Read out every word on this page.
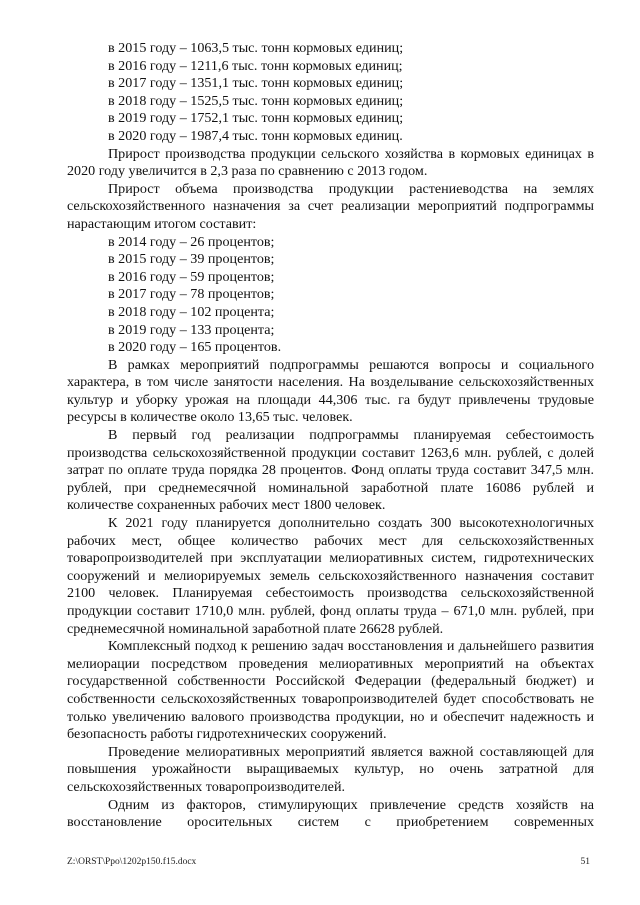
в 2015 году – 1063,5 тыс. тонн кормовых единиц;
в 2016 году – 1211,6 тыс. тонн кормовых единиц;
в 2017 году – 1351,1 тыс. тонн кормовых единиц;
в 2018 году – 1525,5 тыс. тонн кормовых единиц;
в 2019 году – 1752,1 тыс. тонн кормовых единиц;
в 2020 году – 1987,4 тыс. тонн кормовых единиц.
Прирост производства продукции сельского хозяйства в кормовых единицах в 2020 году увеличится в 2,3 раза по сравнению с 2013 годом.
Прирост объема производства продукции растениеводства на землях сельскохозяйственного назначения за счет реализации мероприятий подпрограммы нарастающим итогом составит:
в 2014 году – 26 процентов;
в 2015 году – 39 процентов;
в 2016 году – 59 процентов;
в 2017 году – 78 процентов;
в 2018 году – 102 процента;
в 2019 году – 133 процента;
в 2020 году – 165 процентов.
В рамках мероприятий подпрограммы решаются вопросы и социального характера, в том числе занятости населения. На возделывание сельскохозяйственных культур и уборку урожая на площади 44,306 тыс. га будут привлечены трудовые ресурсы в количестве около 13,65 тыс. человек.
В первый год реализации подпрограммы планируемая себестоимость производства сельскохозяйственной продукции составит 1263,6 млн. рублей, с долей затрат по оплате труда порядка 28 процентов. Фонд оплаты труда составит 347,5 млн. рублей, при среднемесячной номинальной заработной плате 16086 рублей и количестве сохраненных рабочих мест 1800 человек.
К 2021 году планируется дополнительно создать 300 высокотехнологичных рабочих мест, общее количество рабочих мест для сельскохозяйственных товаропроизводителей при эксплуатации мелиоративных систем, гидротехнических сооружений и мелиорируемых земель сельскохозяйственного назначения составит 2100 человек. Планируемая себестоимость производства сельскохозяйственной продукции составит 1710,0 млн. рублей, фонд оплаты труда – 671,0 млн. рублей, при среднемесячной номинальной заработной плате 26628 рублей.
Комплексный подход к решению задач восстановления и дальнейшего развития мелиорации посредством проведения мелиоративных мероприятий на объектах государственной собственности Российской Федерации (федеральный бюджет) и собственности сельскохозяйственных товаропроизводителей будет способствовать не только увеличению валового производства продукции, но и обеспечит надежность и безопасность работы гидротехнических сооружений.
Проведение мелиоративных мероприятий является важной составляющей для повышения урожайности выращиваемых культур, но очень затратной для сельскохозяйственных товаропроизводителей.
Одним из факторов, стимулирующих привлечение средств хозяйств на восстановление оросительных систем с приобретением современных
Z:\ORST\Ppo\1202p150.f15.docx	51
